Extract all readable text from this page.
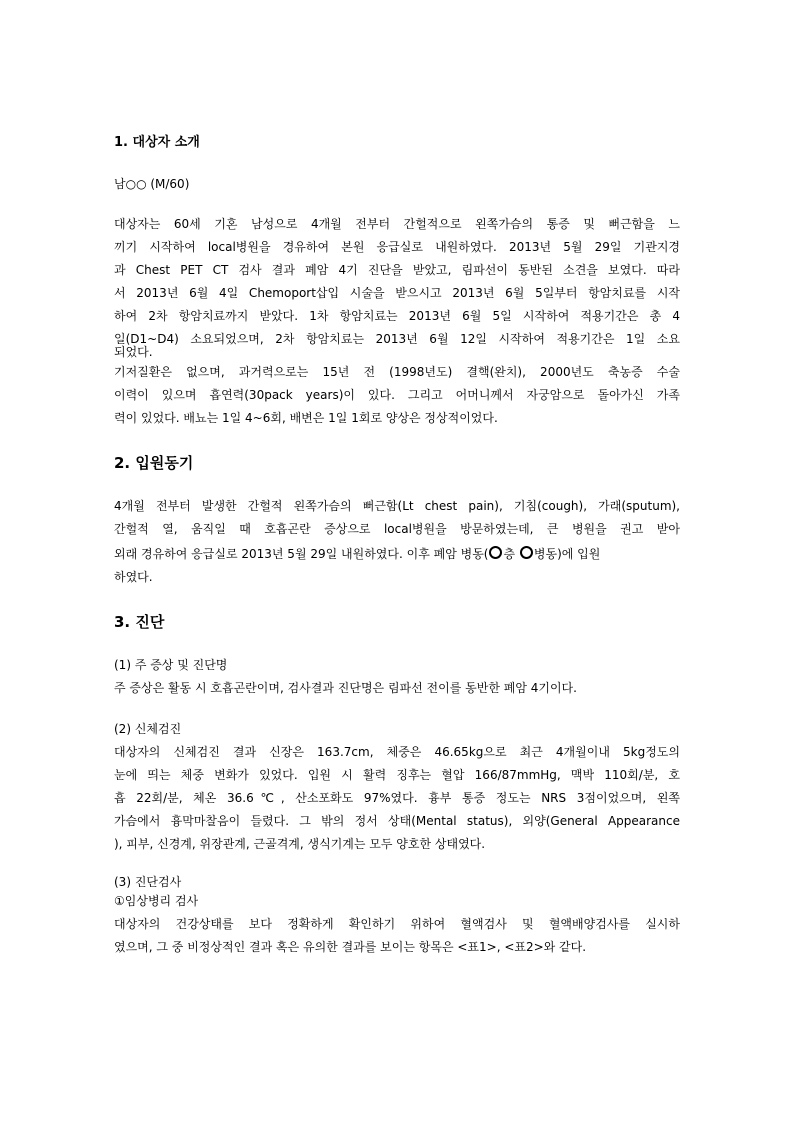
1. 대상자 소개
남○○ (M/60)
대상자는 60세 기혼 남성으로 4개월 전부터 간헐적으로 왼쪽가슴의 통증 및 뻐근함을 느
끼기 시작하여 local병원을 경유하여 본원 응급실로 내원하였다. 2013년 5월 29일 기관지경
과 Chest PET CT 검사 결과 폐암 4기 진단을 받았고, 림파선이 동반된 소견을 보였다. 따라
서 2013년 6월 4일 Chemoport삽입 시술을 받으시고 2013년 6월 5일부터 항암치료를 시작
하여 2차 항암치료까지 받았다. 1차 항암치료는 2013년 6월 5일 시작하여 적용기간은 총 4
일(D1~D4) 소요되었으며, 2차 항암치료는 2013년 6월 12일 시작하여 적용기간은 1일 소요
되었다.
기저질환은 없으며, 과거력으로는 15년 전 (1998년도) 결핵(완치), 2000년도 축농증 수술
이력이 있으며 흡연력(30pack years)이 있다. 그리고 어머니께서 자궁암으로 돌아가신 가족
력이 있었다. 배뇨는 1일 4~6회, 배변은 1일 1회로 양상은 정상적이었다.
2. 입원동기
4개월 전부터 발생한 간헐적 왼쪽가슴의 뻐근함(Lt chest pain), 기침(cough), 가래(sputum),
간헐적 열, 움직일 때 호흡곤란 증상으로 local병원을 방문하였는데, 큰 병원을 권고 받아
외래 경유하여 응급실로 2013년 5월 29일 내원하였다. 이후 폐암 병동(○층 ○병동)에 입원
하였다.
3. 진단
(1) 주 증상 및 진단명
주 증상은 활동 시 호흡곤란이며, 검사결과 진단명은 림파선 전이를 동반한 폐암 4기이다.
(2) 신체검진
대상자의 신체검진 결과 신장은 163.7cm, 체중은 46.65kg으로 최근 4개월이내 5kg정도의
눈에 띄는 체중 변화가 있었다. 입원 시 활력 징후는 혈압 166/87mmHg, 맥박 110회/분, 호
흡 22회/분, 체온 36.6℃, 산소포화도 97%였다. 흉부 통증 정도는 NRS 3점이었으며, 왼쪽
가슴에서 흉막마찰음이 들렸다. 그 밖의 정서 상태(Mental status), 외양(General Appearance
), 피부, 신경계, 위장관계, 근골격계, 생식기계는 모두 양호한 상태였다.
(3) 진단검사
①임상병리 검사
대상자의 건강상태를 보다 정확하게 확인하기 위하여 혈액검사 및 혈액배양검사를 실시하
였으며, 그 중 비정상적인 결과 혹은 유의한 결과를 보이는 항목은 <표1>, <표2>와 같다.
